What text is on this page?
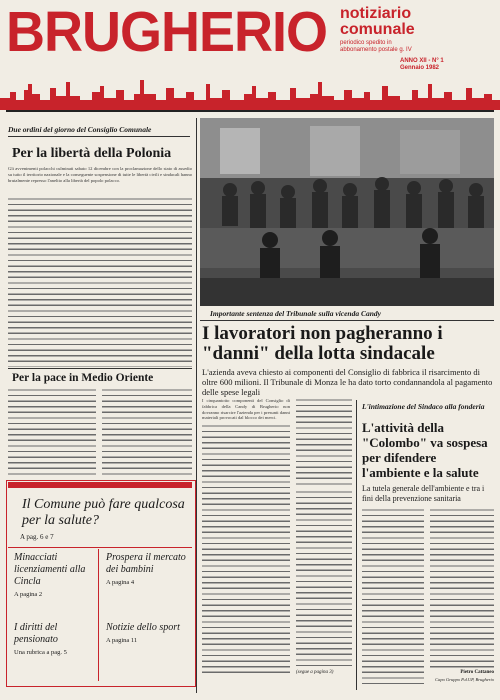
BRUGHERIO notiziario
comunale
periodico spedito in
abbonamento postale g. IV
ANNO XII - N° 1
Gennaio 1982
Due ordini del giorno del Consiglio Comunale
Per la libertà della Polonia
Gli avvenimenti polacchi culminati sabato 12 dicembre con la proclamazione dello stato di assedio su tutto il territorio nazionale e la conseguente sospensione di tutte le libertà civili e sindacali hanno brutalmente represso l'anelito alla libertà del popolo polacco.
Per la pace in Medio Oriente
Il Comune può fare qualcosa per la salute?
A pag. 6 e 7
Minacciati licenziamenti alla Cincla
A pagina 2
Prospera il mercato dei bambini
A pagina 4
I diritti del pensionato
Una rubrica a pag. 5
Notizie dello sport
A pagina 11
Importante sentenza del Tribunale sulla vicenda Candy
I lavoratori non pagheranno i "danni" della lotta sindacale
L'azienda aveva chiesto ai componenti del Consiglio di fabbrica il risarcimento di oltre 600 milioni. Il Tribunale di Monza le ha dato torto condannandola al pagamento delle spese legali
I cinquantotto componenti del Consiglio di fabbrica della Candy di Brugherio non dovranno risarcire l'azienda per i presunti danni materiali provocati dal blocco dei merci.
(segue a pagina 3)
L'intimazione del Sindaco alla fonderia
L'attività della "Colombo" va sospesa per difendere l'ambiente e la salute
La tutela generale dell'ambiente e tra i fini della prevenzione sanitaria
Pietro Cattaneo
Capo Gruppo P.d.UP, Brugherio
